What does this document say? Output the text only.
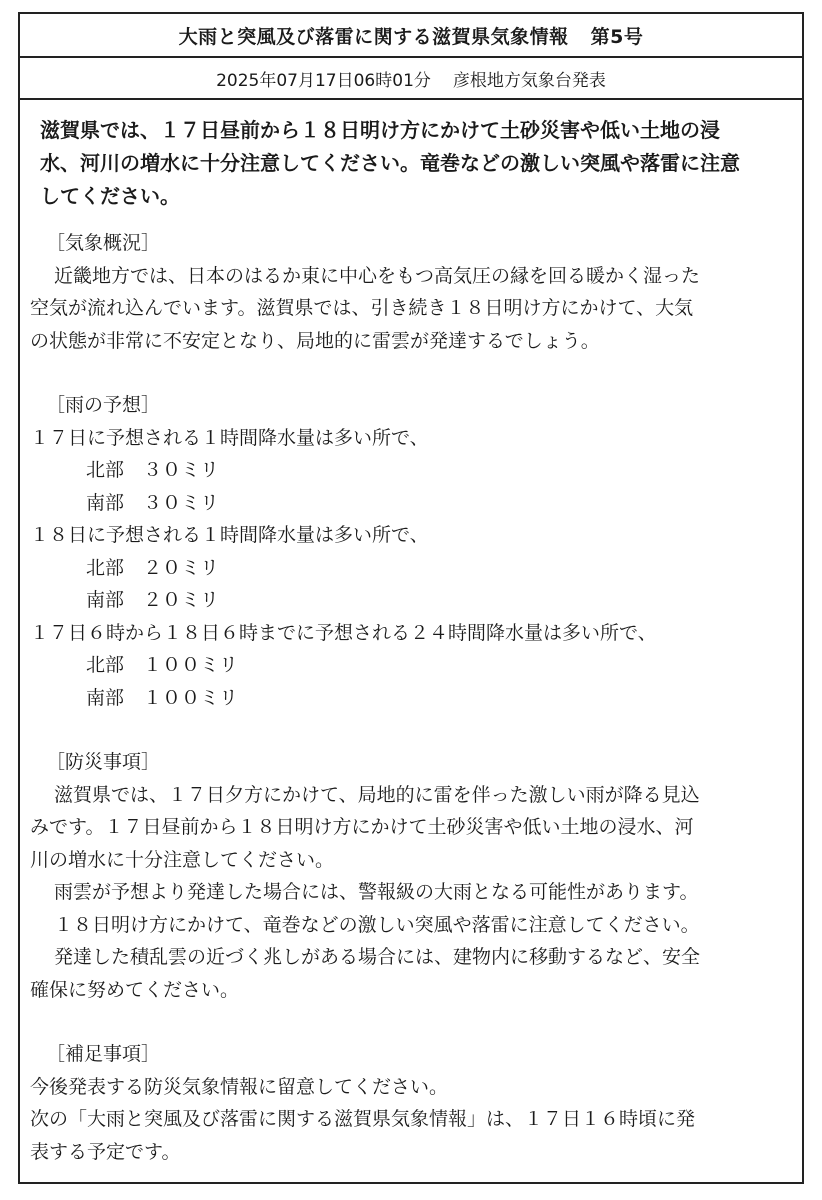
大雨と突風及び落雷に関する滋賀県気象情報 第5号
2025年07月17日06時01分 彦根地方気象台発表

滋賀県では、１７日昼前から１８日明け方にかけて土砂災害や低い土地の浸

水、河川の増水に十分注意してください。竜巻などの激しい突風や落雷に注意

してください。

［気象概況］

近畿地方では、日本のはるか東に中心をもつ高気圧の縁を回る暖かく湿った

空気が流れ込んでいます。滋賀県では、引き続き１８日明け方にかけて、大気

の状態が非常に不安定となり、局地的に雷雲が発達するでしょう。

［雨の予想］

１７日に予想される１時間降水量は多い所で、

北部　３０ミリ

南部　３０ミリ

１８日に予想される１時間降水量は多い所で、

北部　２０ミリ

南部　２０ミリ

１７日６時から１８日６時までに予想される２４時間降水量は多い所で、

北部　１００ミリ

南部　１００ミリ

［防災事項］

滋賀県では、１７日夕方にかけて、局地的に雷を伴った激しい雨が降る見込

みです。１７日昼前から１８日明け方にかけて土砂災害や低い土地の浸水、河

川の増水に十分注意してください。

雨雲が予想より発達した場合には、警報級の大雨となる可能性があります。

１８日明け方にかけて、竜巻などの激しい突風や落雷に注意してください。

発達した積乱雲の近づく兆しがある場合には、建物内に移動するなど、安全

確保に努めてください。

［補足事項］

今後発表する防災気象情報に留意してください。

次の「大雨と突風及び落雷に関する滋賀県気象情報」は、１７日１６時頃に発

表する予定です。
